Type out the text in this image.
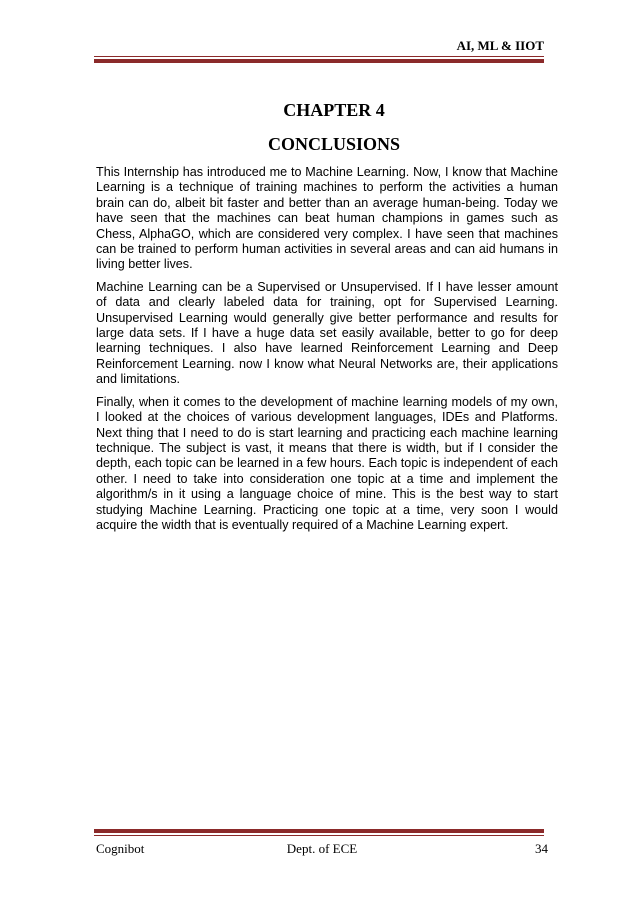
AI, ML & IIOT
CHAPTER 4
CONCLUSIONS

This Internship has introduced me to Machine Learning. Now, I know that Machine Learning is a technique of training machines to perform the activities a human brain can do, albeit bit faster and better than an average human-being. Today we have seen that the machines can beat human champions in games such as Chess, AlphaGO, which are considered very complex. I have seen that machines can be trained to perform human activities in several areas and can aid humans in living better lives.

Machine Learning can be a Supervised or Unsupervised. If I have lesser amount of data and clearly labeled data for training, opt for Supervised Learning. Unsupervised Learning would generally give better performance and results for large data sets. If I have a huge data set easily available, better to go for deep learning techniques. I also have learned Reinforcement Learning and Deep Reinforcement Learning. now I know what Neural Networks are, their applications and limitations.

Finally, when it comes to the development of machine learning models of my own, I looked at the choices of various development languages, IDEs and Platforms. Next thing that I need to do is start learning and practicing each machine learning technique. The subject is vast, it means that there is width, but if I consider the depth, each topic can be learned in a few hours. Each topic is independent of each other. I need to take into consideration one topic at a time and implement the algorithm/s in it using a language choice of mine. This is the best way to start studying Machine Learning. Practicing one topic at a time, very soon I would acquire the width that is eventually required of a Machine Learning expert.

Cognibot	Dept. of ECE	34
